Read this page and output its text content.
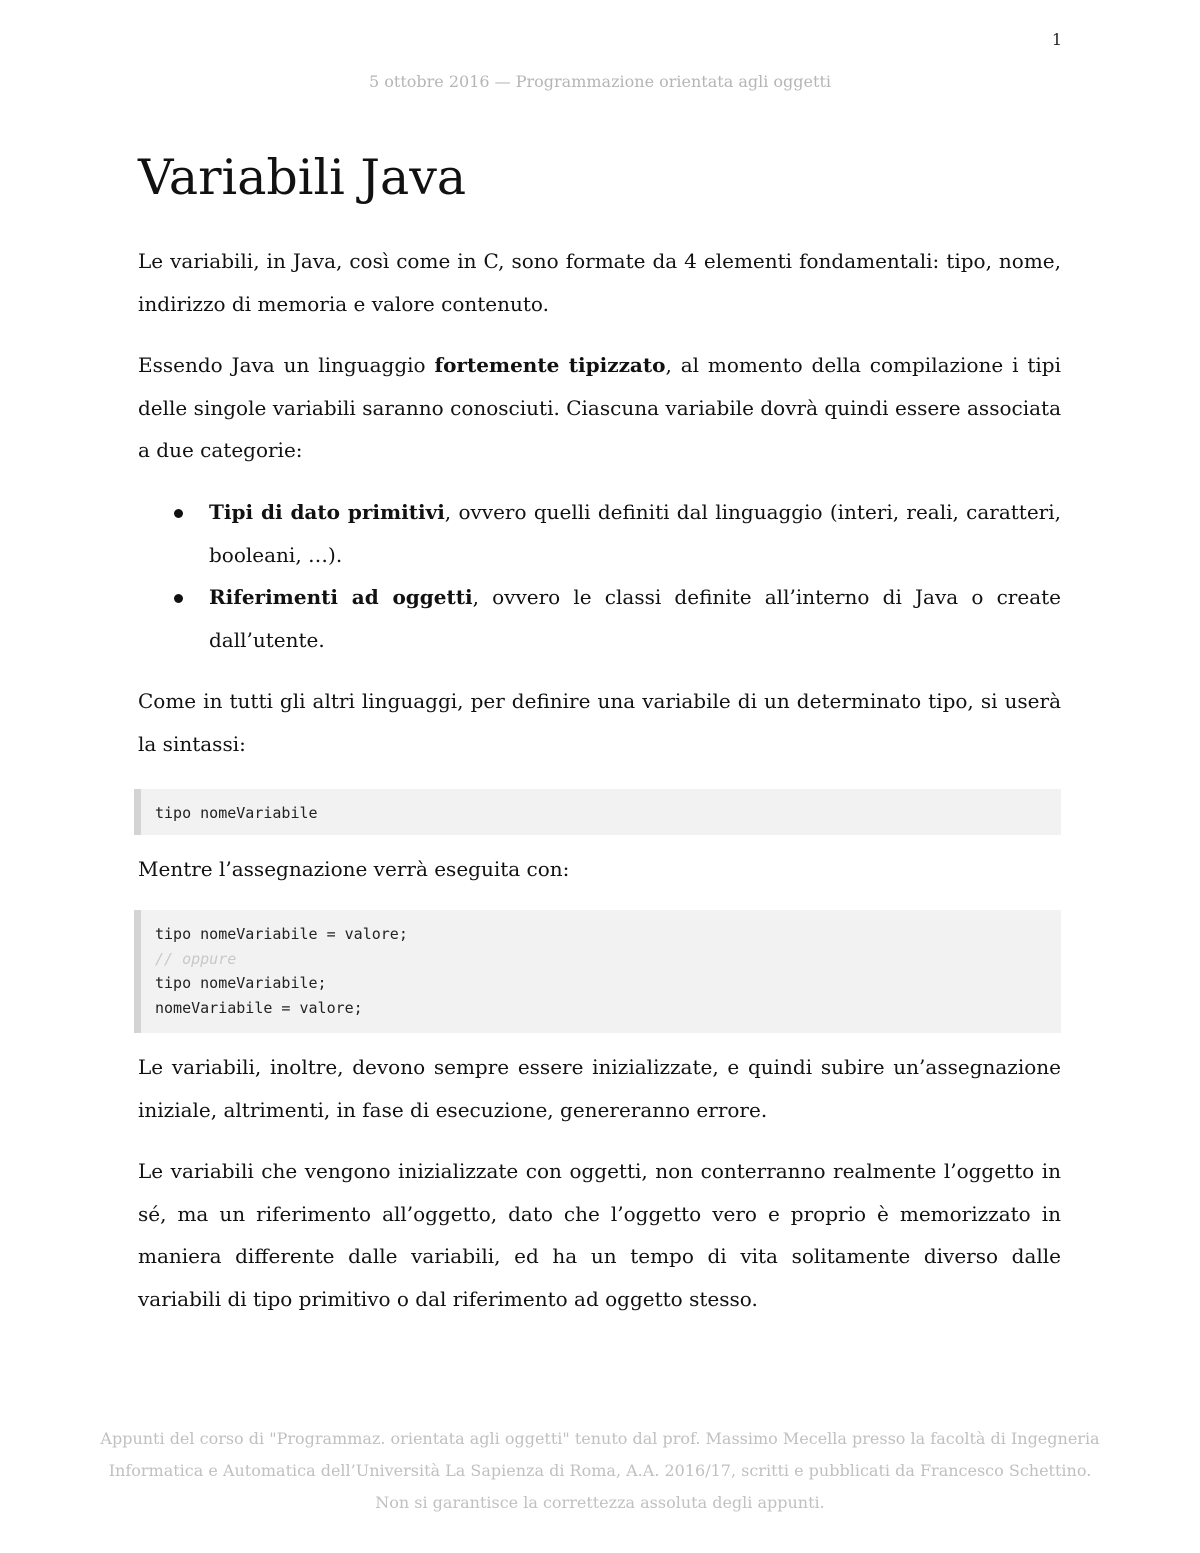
1
5 ottobre 2016 — Programmazione orientata agli oggetti
Variabili Java

Le variabili, in Java, così come in C, sono formate da 4 elementi fondamentali: tipo, nome, indirizzo di memoria e valore contenuto.

Essendo Java un linguaggio fortemente tipizzato, al momento della compilazione i tipi delle singole variabili saranno conosciuti. Ciascuna variabile dovrà quindi essere associata a due categorie:

Tipi di dato primitivi, ovvero quelli definiti dal linguaggio (interi, reali, caratteri, booleani, …).
Riferimenti ad oggetti, ovvero le classi definite all’interno di Java o create dall’utente.

Come in tutti gli altri linguaggi, per definire una variabile di un determinato tipo, si userà la sintassi:

tipo nomeVariabile

Mentre l’assegnazione verrà eseguita con:

tipo nomeVariabile = valore;
// oppure
tipo nomeVariabile;
nomeVariabile = valore;

Le variabili, inoltre, devono sempre essere inizializzate, e quindi subire un’assegnazione iniziale, altrimenti, in fase di esecuzione, genereranno errore.

Le variabili che vengono inizializzate con oggetti, non conterranno realmente l’oggetto in sé, ma un riferimento all’oggetto, dato che l’oggetto vero e proprio è memorizzato in maniera differente dalle variabili, ed ha un tempo di vita solitamente diverso dalle variabili di tipo primitivo o dal riferimento ad oggetto stesso.

Appunti del corso di "Programmaz. orientata agli oggetti" tenuto dal prof. Massimo Mecella presso la facoltà di Ingegneria
Informatica e Automatica dell’Università La Sapienza di Roma, A.A. 2016/17, scritti e pubblicati da Francesco Schettino.
Non si garantisce la correttezza assoluta degli appunti.
